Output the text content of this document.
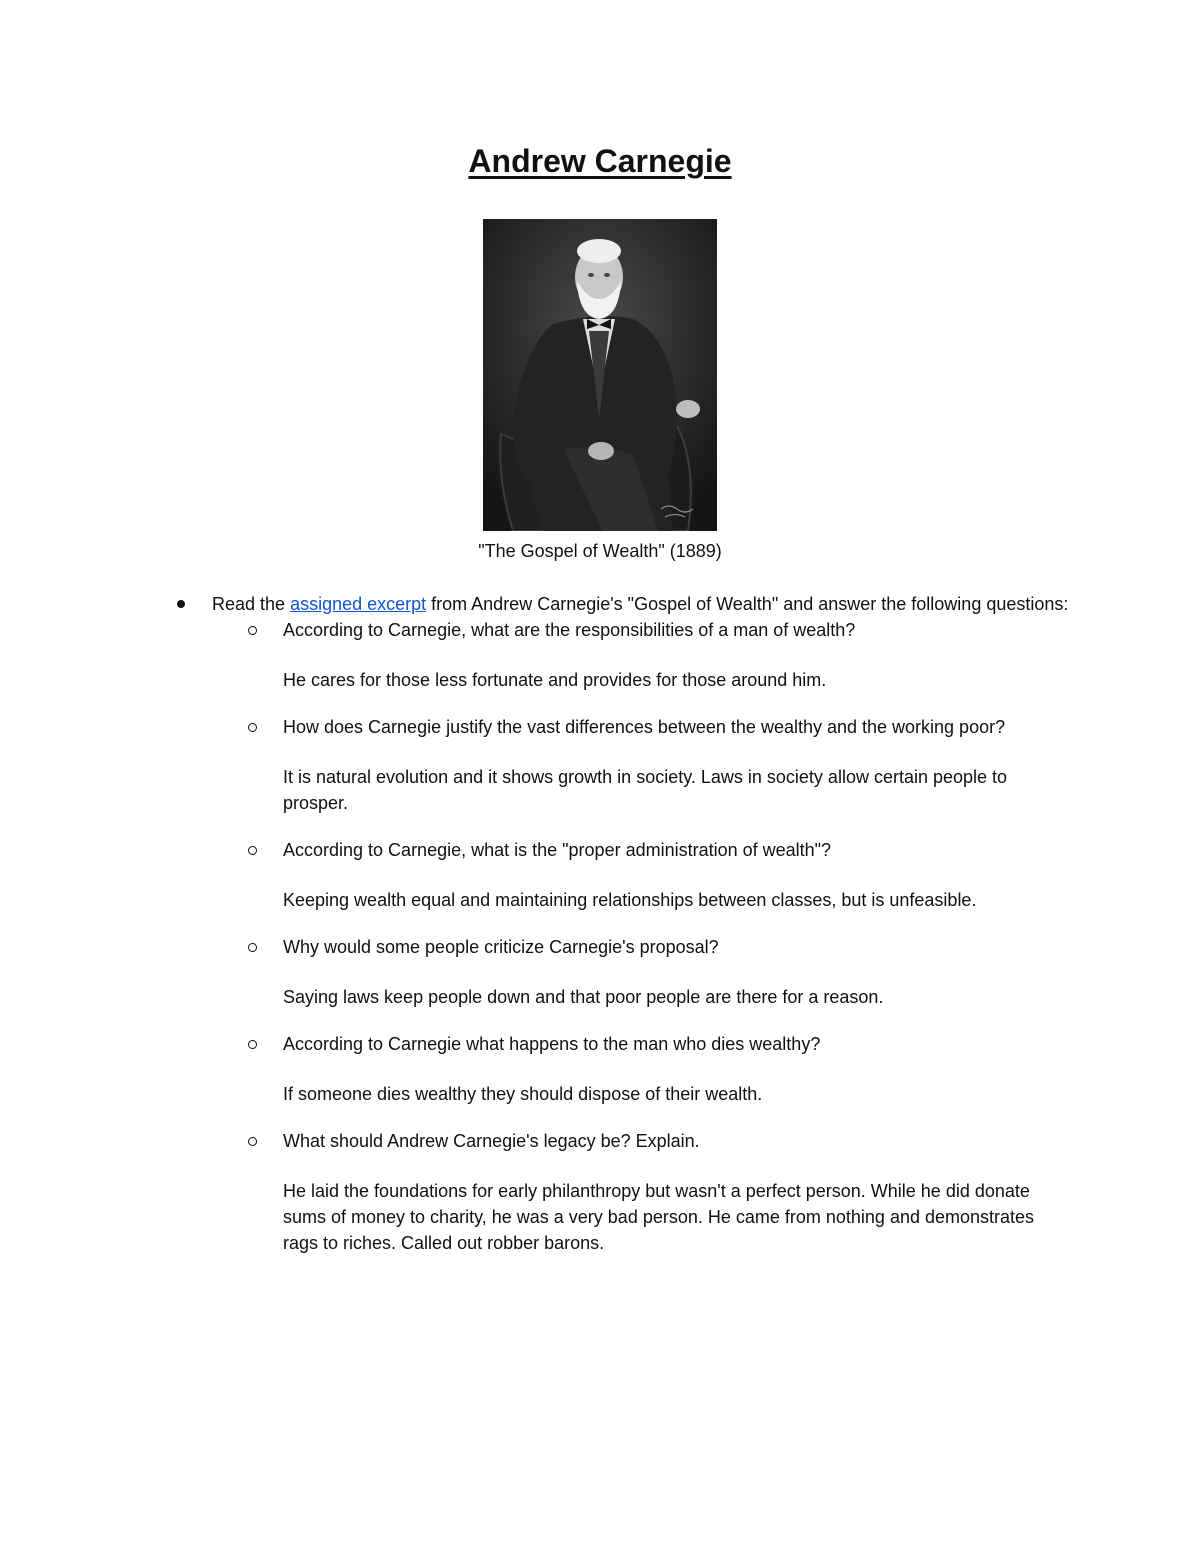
Andrew Carnegie
"The Gospel of Wealth" (1889)
Read the assigned excerpt from Andrew Carnegie's "Gospel of Wealth" and answer the following questions:

According to Carnegie, what are the responsibilities of a man of wealth?

He cares for those less fortunate and provides for those around him.

How does Carnegie justify the vast differences between the wealthy and the working poor?

It is natural evolution and it shows growth in society. Laws in society allow certain people to prosper.

According to Carnegie, what is the "proper administration of wealth"?

Keeping wealth equal and maintaining relationships between classes, but is unfeasible.

Why would some people criticize Carnegie's proposal?

Saying laws keep people down and that poor people are there for a reason.

According to Carnegie what happens to the man who dies wealthy?

If someone dies wealthy they should dispose of their wealth.

What should Andrew Carnegie's legacy be? Explain.

He laid the foundations for early philanthropy but wasn't a perfect person. While he did donate sums of money to charity, he was a very bad person. He came from nothing and demonstrates rags to riches. Called out robber barons.
